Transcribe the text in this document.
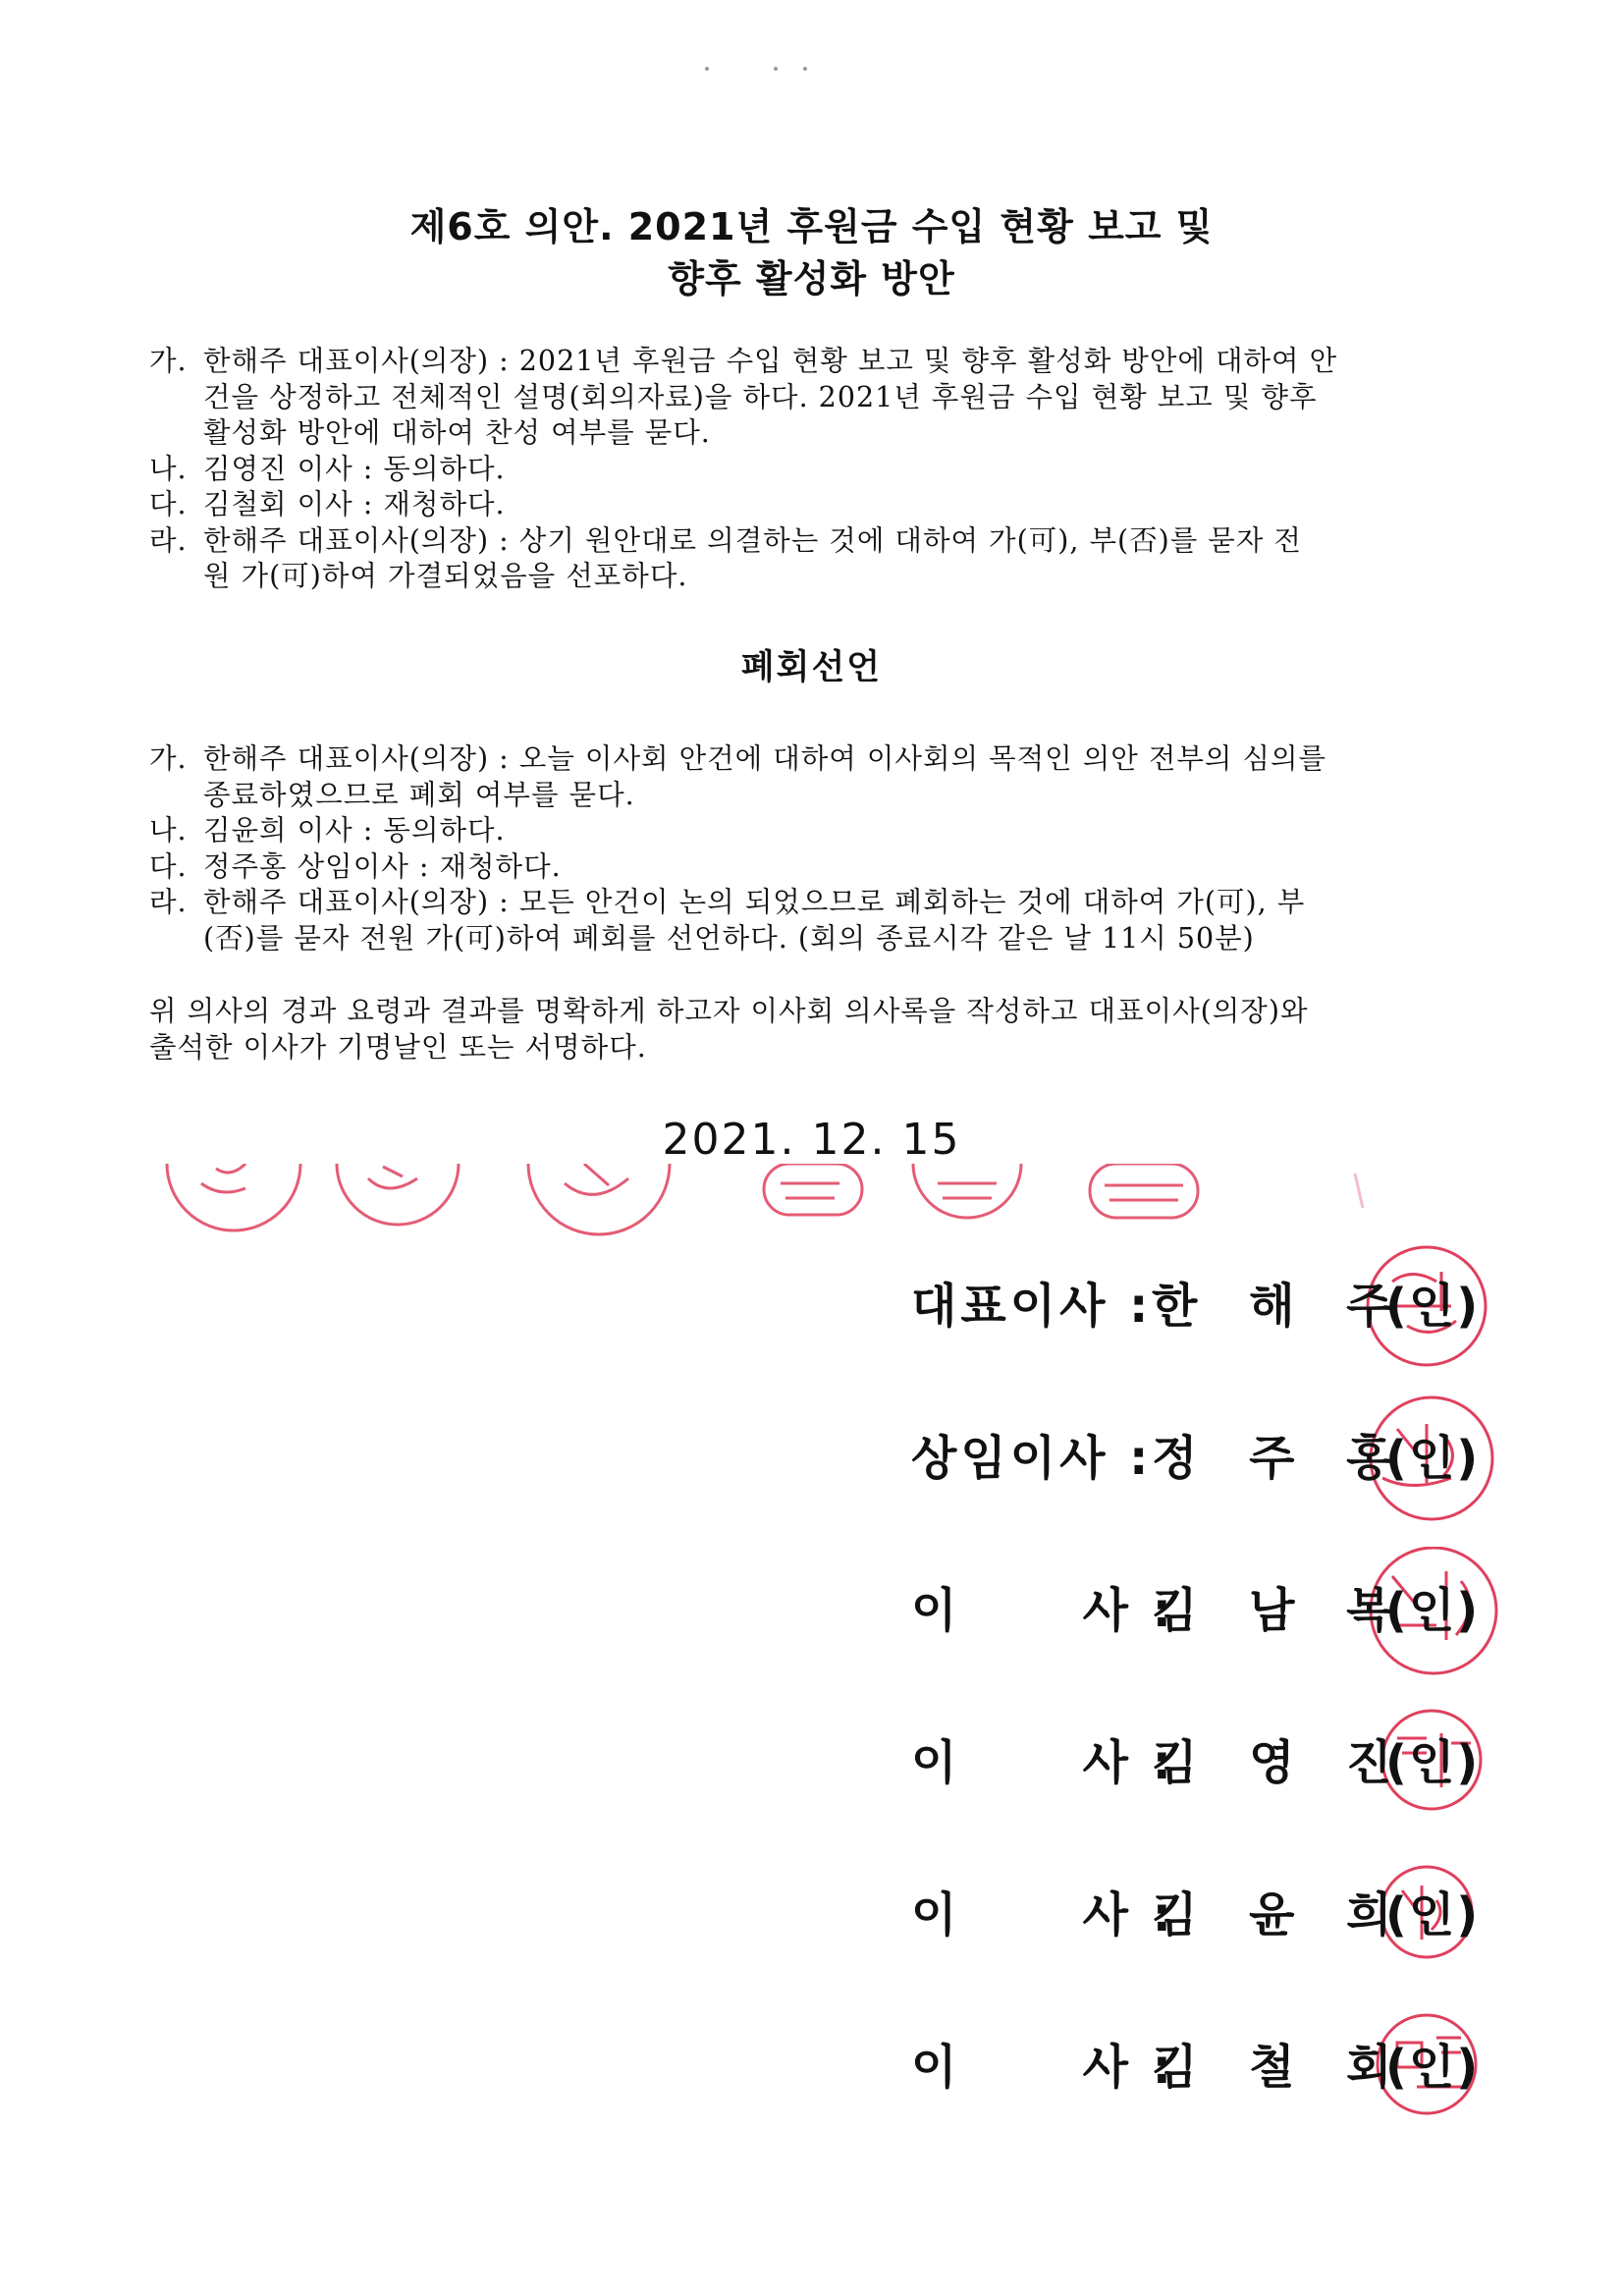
제6호 의안. 2021년 후원금 수입 현황 보고 및
향후 활성화 방안

가. 한해주 대표이사(의장) : 2021년 후원금 수입 현황 보고 및 향후 활성화 방안에 대하여 안
건을 상정하고 전체적인 설명(회의자료)을 하다. 2021년 후원금 수입 현황 보고 및 향후
활성화 방안에 대하여 찬성 여부를 묻다.

나. 김영진 이사 : 동의하다.

다. 김철회 이사 : 재청하다.

라. 한해주 대표이사(의장) : 상기 원안대로 의결하는 것에 대하여 가(可), 부(否)를 묻자 전
원 가(可)하여 가결되었음을 선포하다.

폐회선언

가. 한해주 대표이사(의장) : 오늘 이사회 안건에 대하여 이사회의 목적인 의안 전부의 심의를
종료하였으므로 폐회 여부를 묻다.

나. 김윤희 이사 : 동의하다.

다. 정주홍 상임이사 : 재청하다.

라. 한해주 대표이사(의장) : 모든 안건이 논의 되었으므로 폐회하는 것에 대하여 가(可), 부
(否)를 묻자 전원 가(可)하여 폐회를 선언하다. (회의 종료시각 같은 날 11시 50분)

위 의사의 경과 요령과 결과를 명확하게 하고자 이사회 의사록을 작성하고 대표이사(의장)와
출석한 이사가 기명날인 또는 서명하다.

2021. 12. 15
대표이사 : 한 해 주
(인)
상임이사 : 정 주 홍
(인)
이      사 :
김 남 복
(인)
이      사 :
김 영 진
(인)
이      사 :
김 윤 희
(인)
이      사 :
김 철 회
(인)
